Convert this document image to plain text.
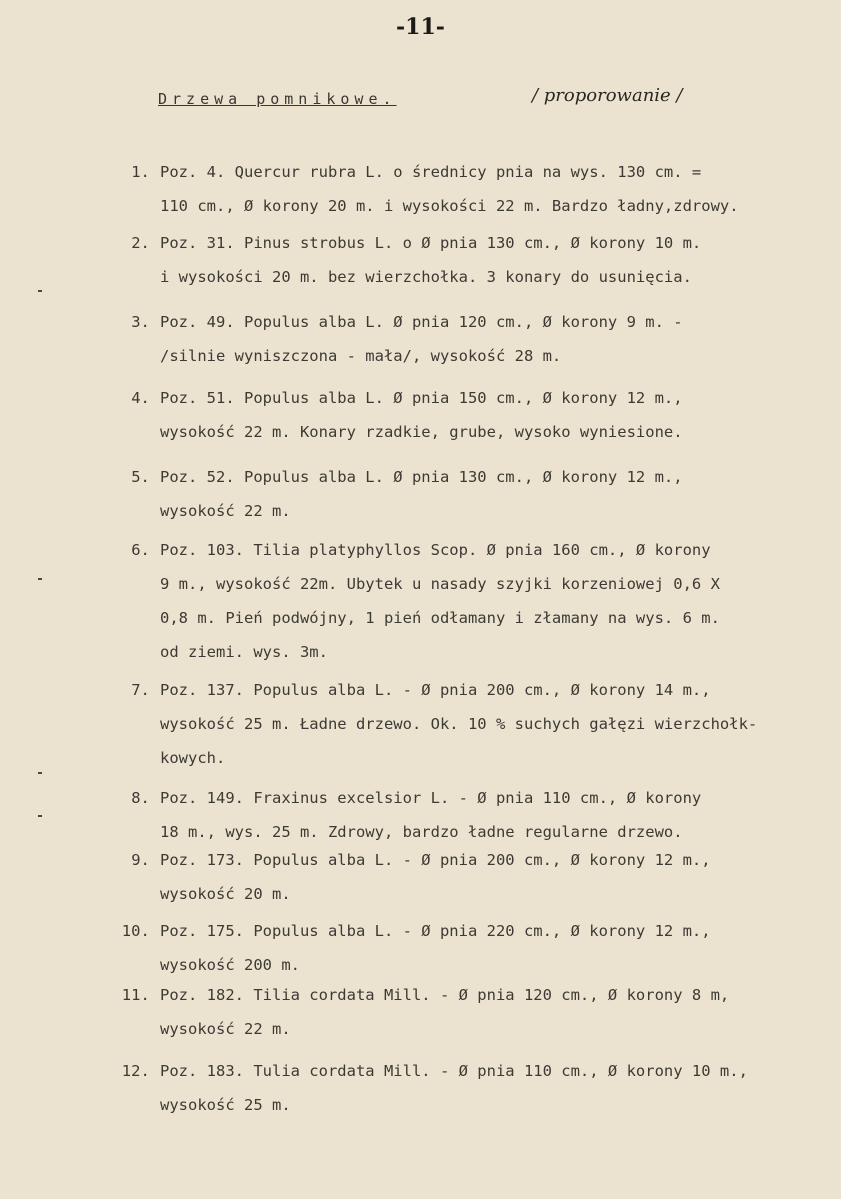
-11-
Drzewa pomnikowe.	/ proporowanie /
1. Poz. 4. Quercur rubra L. o średnicy pnia na wys. 130 cm. =
110 cm., Ø korony 20 m. i wysokości 22 m. Bardzo ładny,zdrowy.
2. Poz. 31. Pinus strobus L. o Ø pnia 130 cm., Ø korony 10 m.
i wysokości 20 m. bez wierzchołka. 3 konary do usunięcia.
3. Poz. 49. Populus alba L. Ø pnia 120 cm., Ø korony 9 m. -
/silnie wyniszczona - mała/, wysokość 28 m.
4. Poz. 51. Populus alba L. Ø pnia 150 cm., Ø korony 12 m.,
wysokość 22 m. Konary rzadkie, grube, wysoko wyniesione.
5. Poz. 52. Populus alba L. Ø pnia 130 cm., Ø korony 12 m.,
wysokość 22 m.
6. Poz. 103. Tilia platyphyllos Scop. Ø pnia 160 cm., Ø korony
9 m., wysokość 22m. Ubytek u nasady szyjki korzeniowej 0,6 X
0,8 m. Pień podwójny, 1 pień odłamany i złamany na wys. 6 m.
od ziemi. wys. 3m.
7. Poz. 137. Populus alba L. - Ø pnia 200 cm., Ø korony 14 m.,
wysokość 25 m. Ładne drzewo. Ok. 10 % suchych gałęzi wierzchołk-
kowych.
8. Poz. 149. Fraxinus excelsior L. - Ø pnia 110 cm., Ø korony
18 m., wys. 25 m. Zdrowy, bardzo ładne regularne drzewo.
9. Poz. 173. Populus alba L. - Ø pnia 200 cm., Ø korony 12 m.,
wysokość 20 m.
10. Poz. 175. Populus alba L. - Ø pnia 220 cm., Ø korony 12 m.,
wysokość 200 m.
11. Poz. 182. Tilia cordata Mill. - Ø pnia 120 cm., Ø korony 8 m,
wysokość 22 m.
12. Poz. 183. Tulia cordata Mill. - Ø pnia 110 cm., Ø korony 10 m.,
wysokość 25 m.
